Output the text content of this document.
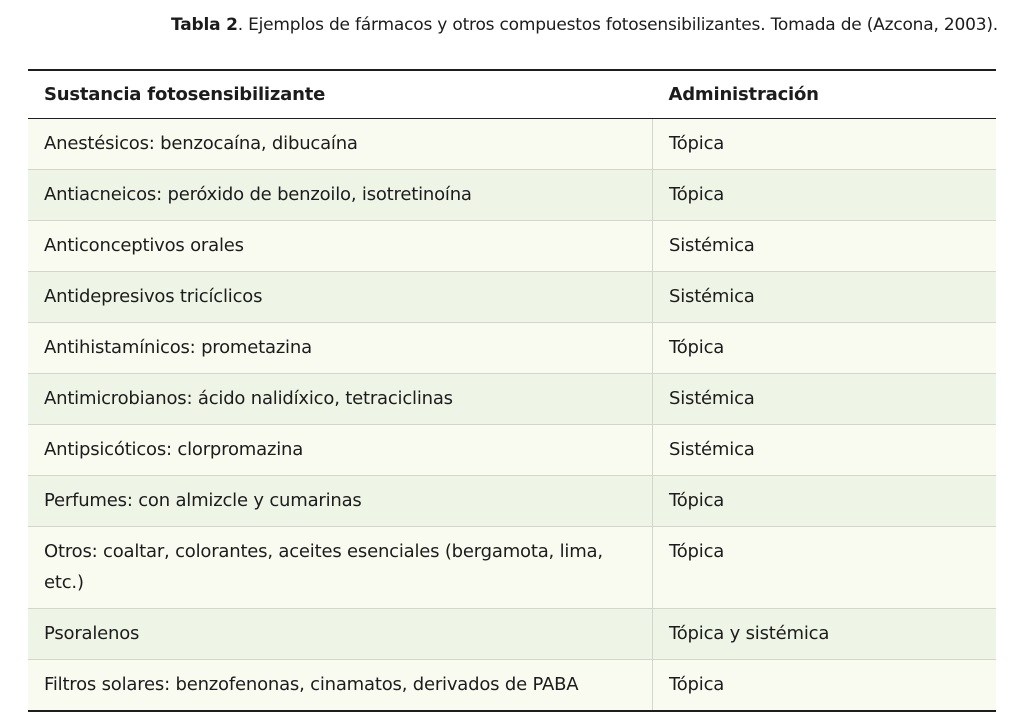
Tabla 2. Ejemplos de fármacos y otros compuestos fotosensibilizantes. Tomada de (Azcona, 2003).
Sustancia fotosensibilizante	Administración
Anestésicos: benzocaína, dibucaína	Tópica
Antiacneicos: peróxido de benzoilo, isotretinoína	Tópica
Anticonceptivos orales	Sistémica
Antidepresivos tricíclicos	Sistémica
Antihistamínicos: prometazina	Tópica
Antimicrobianos: ácido nalidíxico, tetraciclinas	Sistémica
Antipsicóticos: clorpromazina	Sistémica
Perfumes: con almizcle y cumarinas	Tópica
Otros: coaltar, colorantes, aceites esenciales (bergamota, lima, etc.)	Tópica
Psoralenos	Tópica y sistémica
Filtros solares: benzofenonas, cinamatos, derivados de PABA	Tópica
